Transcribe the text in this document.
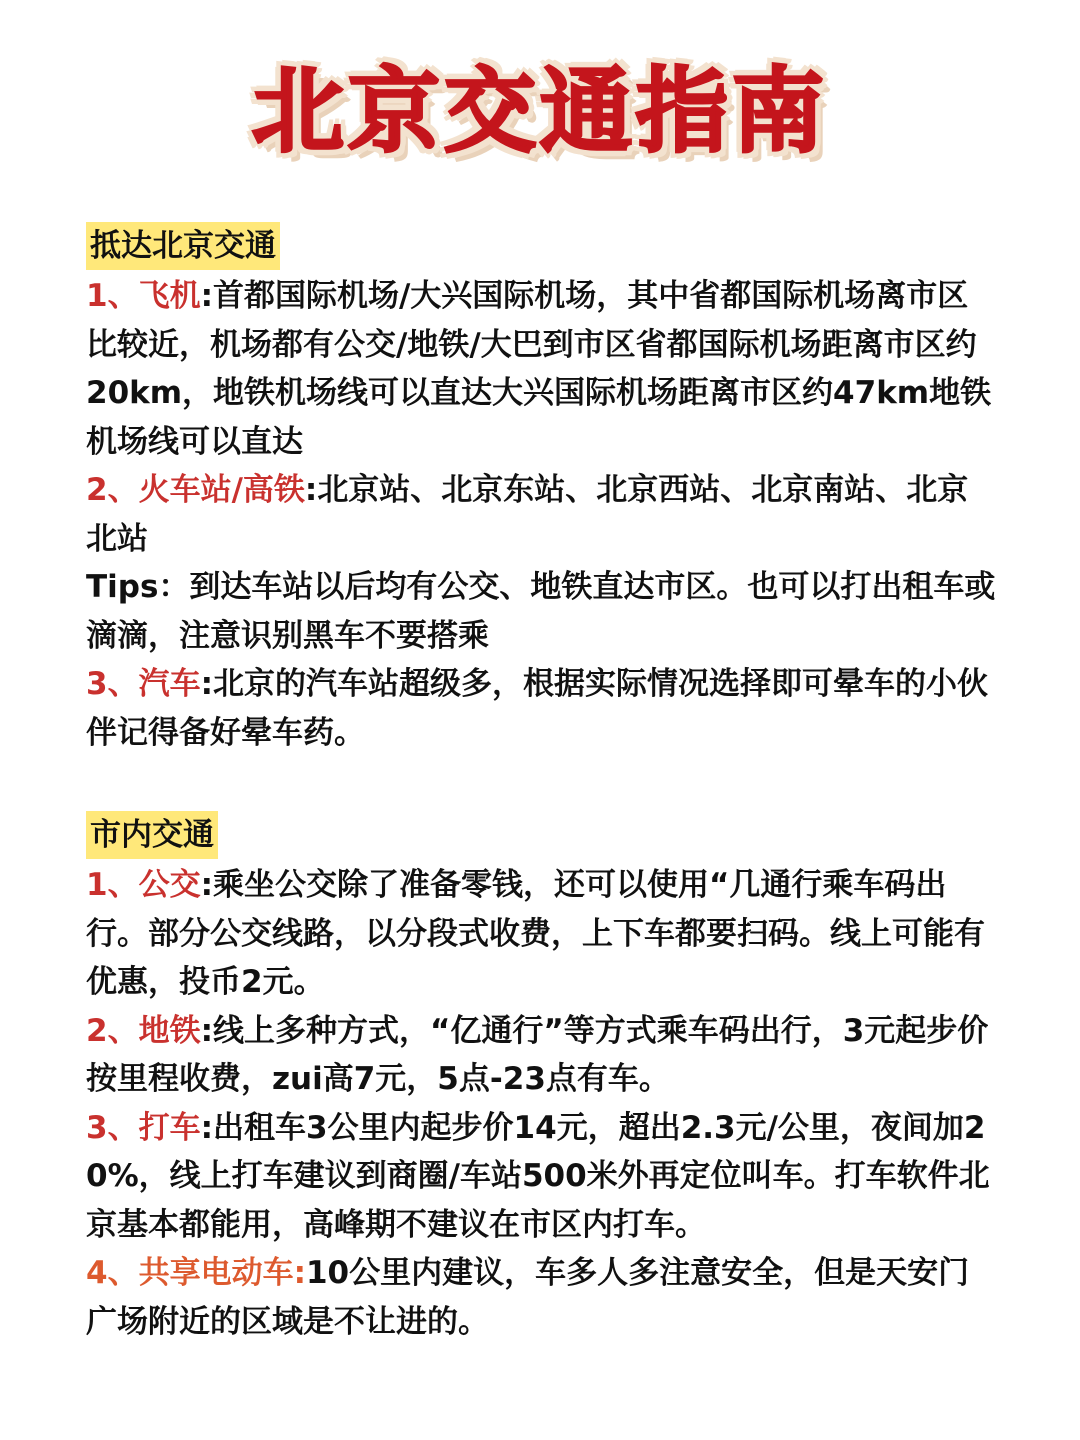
北京交通指南
抵达北京交通

1、飞机:首都国际机场/大兴国际机场，其中省都国际机场离市区比较近，机场都有公交/地铁/大巴到市区省都国际机场距离市区约20km，地铁机场线可以直达大兴国际机场距离市区约47km地铁机场线可以直达

2、火车站/高铁:北京站、北京东站、北京西站、北京南站、北京北站

Tips：到达车站以后均有公交、地铁直达市区。也可以打出租车或滴滴，注意识别黑车不要搭乘

3、汽车:北京的汽车站超级多，根据实际情况选择即可晕车的小伙伴记得备好晕车药。

市内交通

1、公交:乘坐公交除了准备零钱，还可以使用“几通行乘车码出行。部分公交线路，以分段式收费，上下车都要扫码。线上可能有优惠，投币2元。

2、地铁:线上多种方式，“亿通行”等方式乘车码出行，3元起步价按里程收费，zui高7元，5点-23点有车。

3、打车:出租车3公里内起步价14元，超出2.3元/公里，夜间加20%，线上打车建议到商圈/车站500米外再定位叫车。打车软件北京基本都能用，高峰期不建议在市区内打车。

4、共享电动车:10公里内建议，车多人多注意安全，但是天安门广场附近的区域是不让进的。
